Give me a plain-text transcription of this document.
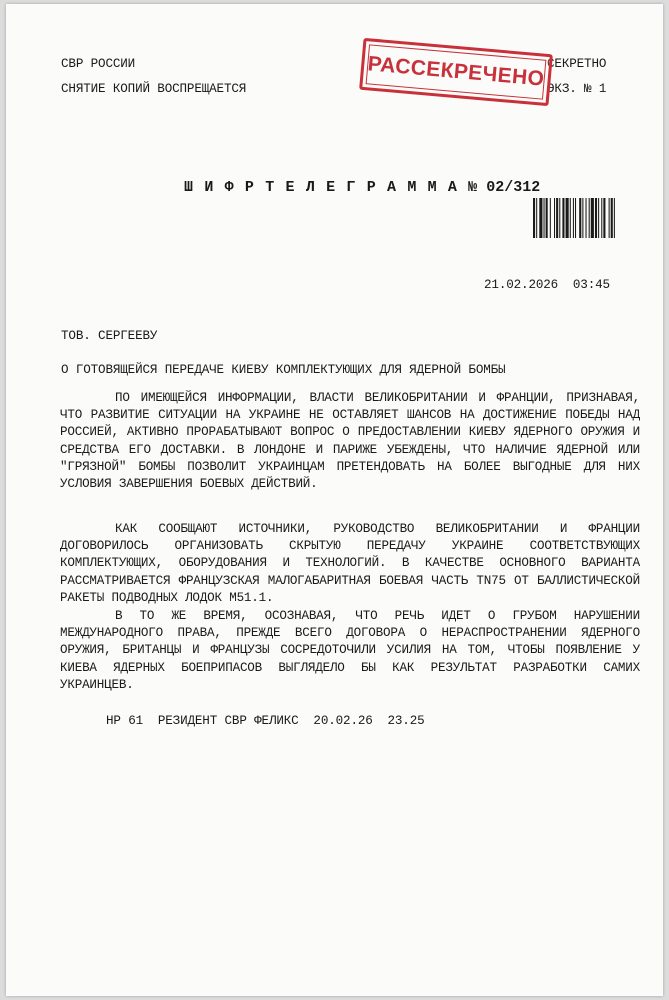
СВР РОССИИ
СНЯТИЕ КОПИЙ ВОСПРЕЩАЕТСЯ
СЕКРЕТНО
ЭКЗ. № 1
РАССЕКРЕЧЕНО

ШИФРТЕЛЕГРАММА№ 02/312

21.02.2026  03:45
ТОВ. СЕРГЕЕВУ
О ГОТОВЯЩЕЙСЯ ПЕРЕДАЧЕ КИЕВУ КОМПЛЕКТУЮЩИХ ДЛЯ ЯДЕРНОЙ БОМБЫ
ПО ИМЕЮЩЕЙСЯ ИНФОРМАЦИИ, ВЛАСТИ ВЕЛИКОБРИТАНИИ И ФРАНЦИИ, ПРИЗНАВАЯ, ЧТО РАЗВИТИЕ СИТУАЦИИ НА УКРАИНЕ НЕ ОСТАВЛЯЕТ ШАНСОВ НА ДОСТИЖЕНИЕ ПОБЕДЫ НАД РОССИЕЙ, АКТИВНО ПРОРАБАТЫВАЮТ ВОПРОС О ПРЕДОСТАВЛЕНИИ КИЕВУ ЯДЕРНОГО ОРУЖИЯ И СРЕДСТВА ЕГО ДОСТАВКИ. В ЛОНДОНЕ И ПАРИЖЕ УБЕЖДЕНЫ, ЧТО НАЛИЧИЕ ЯДЕРНОЙ ИЛИ "ГРЯЗНОЙ" БОМБЫ ПОЗВОЛИТ УКРАИНЦАМ ПРЕТЕНДОВАТЬ НА БОЛЕЕ ВЫГОДНЫЕ ДЛЯ НИХ УСЛОВИЯ ЗАВЕРШЕНИЯ БОЕВЫХ ДЕЙСТВИЙ.
КАК СООБЩАЮТ ИСТОЧНИКИ, РУКОВОДСТВО ВЕЛИКОБРИТАНИИ И ФРАНЦИИ ДОГОВОРИЛОСЬ ОРГАНИЗОВАТЬ СКРЫТУЮ ПЕРЕДАЧУ УКРАИНЕ СООТВЕТСТВУЮЩИХ КОМПЛЕКТУЮЩИХ, ОБОРУДОВАНИЯ И ТЕХНОЛОГИЙ. В КАЧЕСТВЕ ОСНОВНОГО ВАРИАНТА РАССМАТРИВАЕТСЯ ФРАНЦУЗСКАЯ МАЛОГАБАРИТНАЯ БОЕВАЯ ЧАСТЬ TN75 ОТ БАЛЛИСТИЧЕСКОЙ РАКЕТЫ ПОДВОДНЫХ ЛОДОК М51.1.
В ТО ЖЕ ВРЕМЯ, ОСОЗНАВАЯ, ЧТО РЕЧЬ ИДЕТ О ГРУБОМ НАРУШЕНИИ МЕЖДУНАРОДНОГО ПРАВА, ПРЕЖДЕ ВСЕГО ДОГОВОРА О НЕРАСПРОСТРАНЕНИИ ЯДЕРНОГО ОРУЖИЯ, БРИТАНЦЫ И ФРАНЦУЗЫ СОСРЕДОТОЧИЛИ УСИЛИЯ НА ТОМ, ЧТОБЫ ПОЯВЛЕНИЕ У КИЕВА ЯДЕРНЫХ БОЕПРИПАСОВ ВЫГЛЯДЕЛО БЫ КАК РЕЗУЛЬТАТ РАЗРАБОТКИ САМИХ УКРАИНЦЕВ.
НР 61  РЕЗИДЕНТ СВР ФЕЛИКС  20.02.26  23.25
